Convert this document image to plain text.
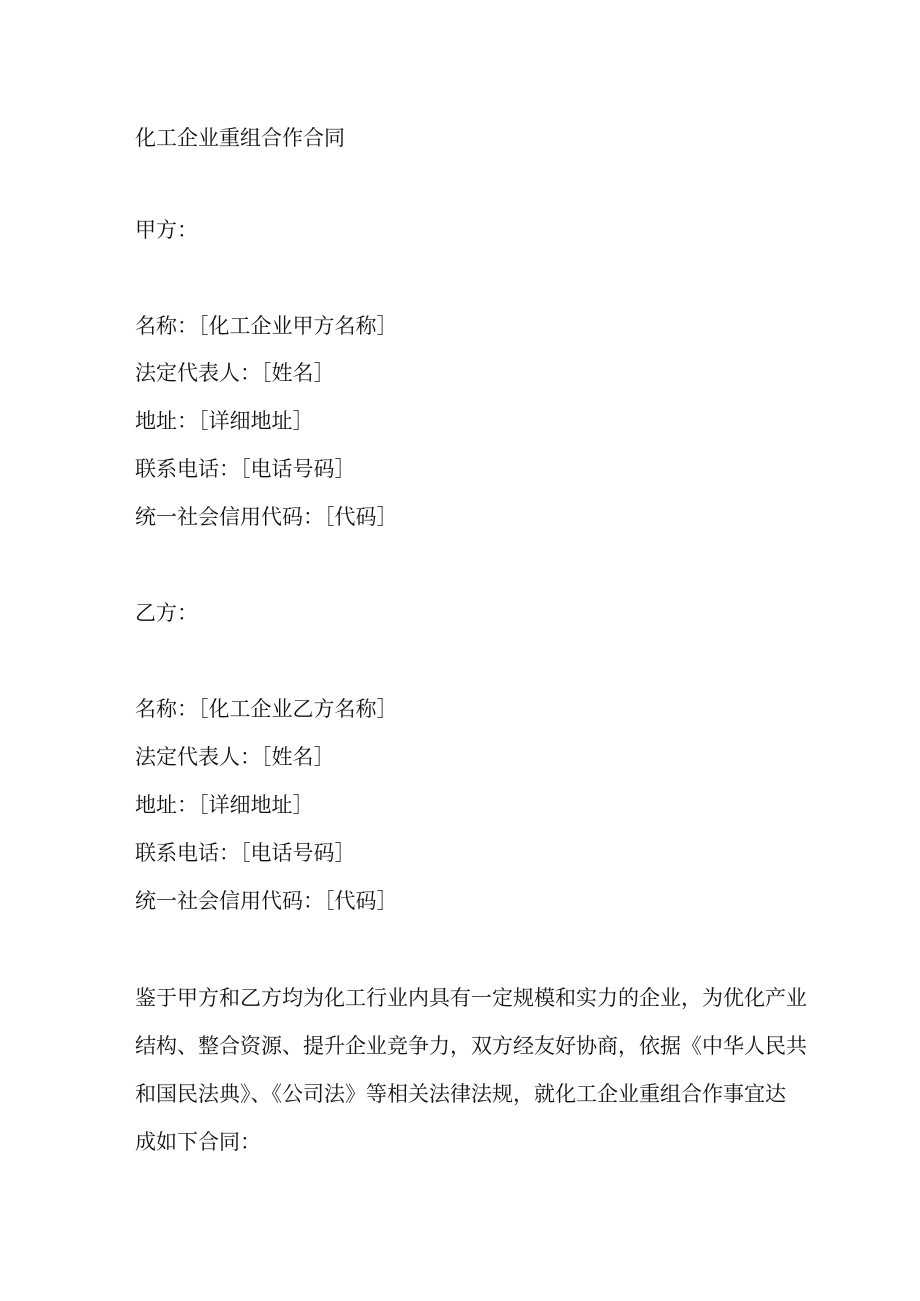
化工企业重组合作合同
甲方：
名称：［化工企业甲方名称］
法定代表人：［姓名］
地址：［详细地址］
联系电话：［电话号码］
统一社会信用代码：［代码］
乙方：
名称：［化工企业乙方名称］
法定代表人：［姓名］
地址：［详细地址］
联系电话：［电话号码］
统一社会信用代码：［代码］
鉴于甲方和乙方均为化工行业内具有一定规模和实力的企业，为优化产业
结构、整合资源、提升企业竞争力，双方经友好协商，依据《中华人民共
和国民法典》、《公司法》等相关法律法规，就化工企业重组合作事宜达
成如下合同：
